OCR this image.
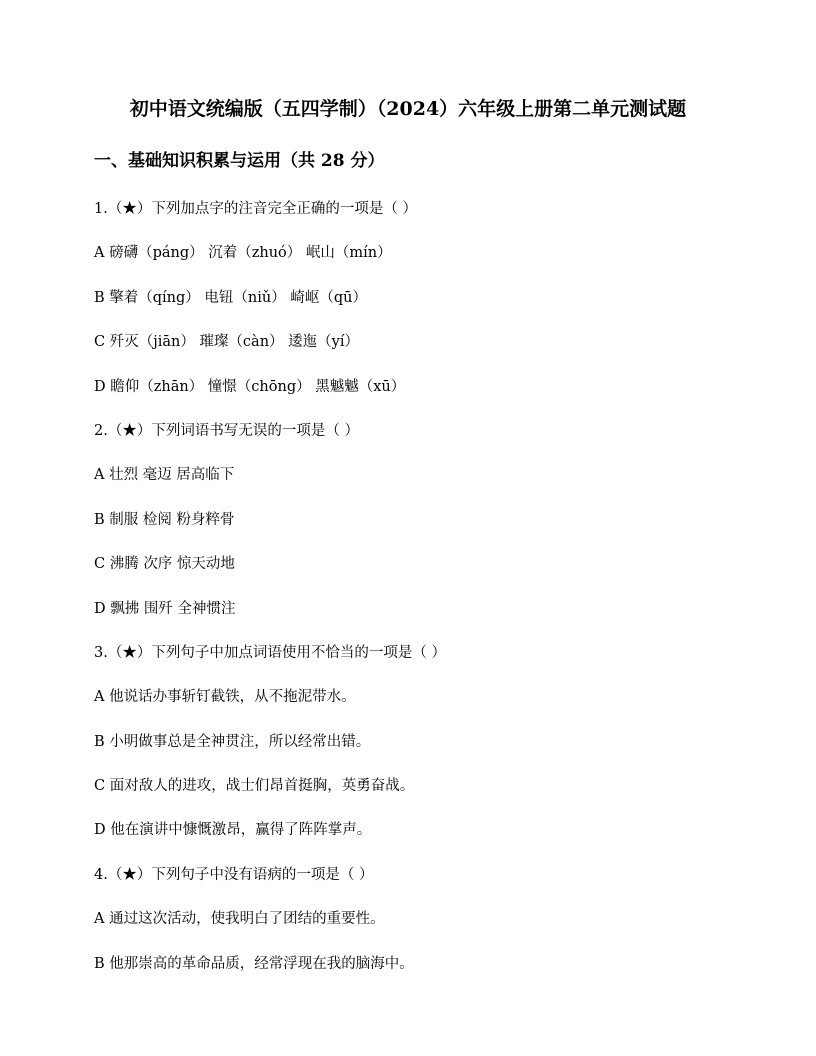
初中语文统编版（五四学制）（2024）六年级上册第二单元测试题
一、基础知识积累与运用（共 28 分）
1.（★）下列加点字的注音完全正确的一项是（ ）
A 磅礴（páng） 沉着（zhuó） 岷山（mín）
B 擎着（qíng） 电钮（niǔ） 崎岖（qū）
C 歼灭（jiān） 璀璨（càn） 逶迤（yí）
D 瞻仰（zhān） 憧憬（chōng） 黑魆魆（xū）
2.（★）下列词语书写无误的一项是（ ）
A 壮烈 毫迈 居高临下
B 制服 检阅 粉身粹骨
C 沸腾 次序 惊天动地
D 飘拂 围歼 全神惯注
3.（★）下列句子中加点词语使用不恰当的一项是（ ）
A 他说话办事斩钉截铁，从不拖泥带水。
B 小明做事总是全神贯注，所以经常出错。
C 面对敌人的进攻，战士们昂首挺胸，英勇奋战。
D 他在演讲中慷慨激昂，赢得了阵阵掌声。
4.（★）下列句子中没有语病的一项是（ ）
A 通过这次活动，使我明白了团结的重要性。
B 他那崇高的革命品质，经常浮现在我的脑海中。
